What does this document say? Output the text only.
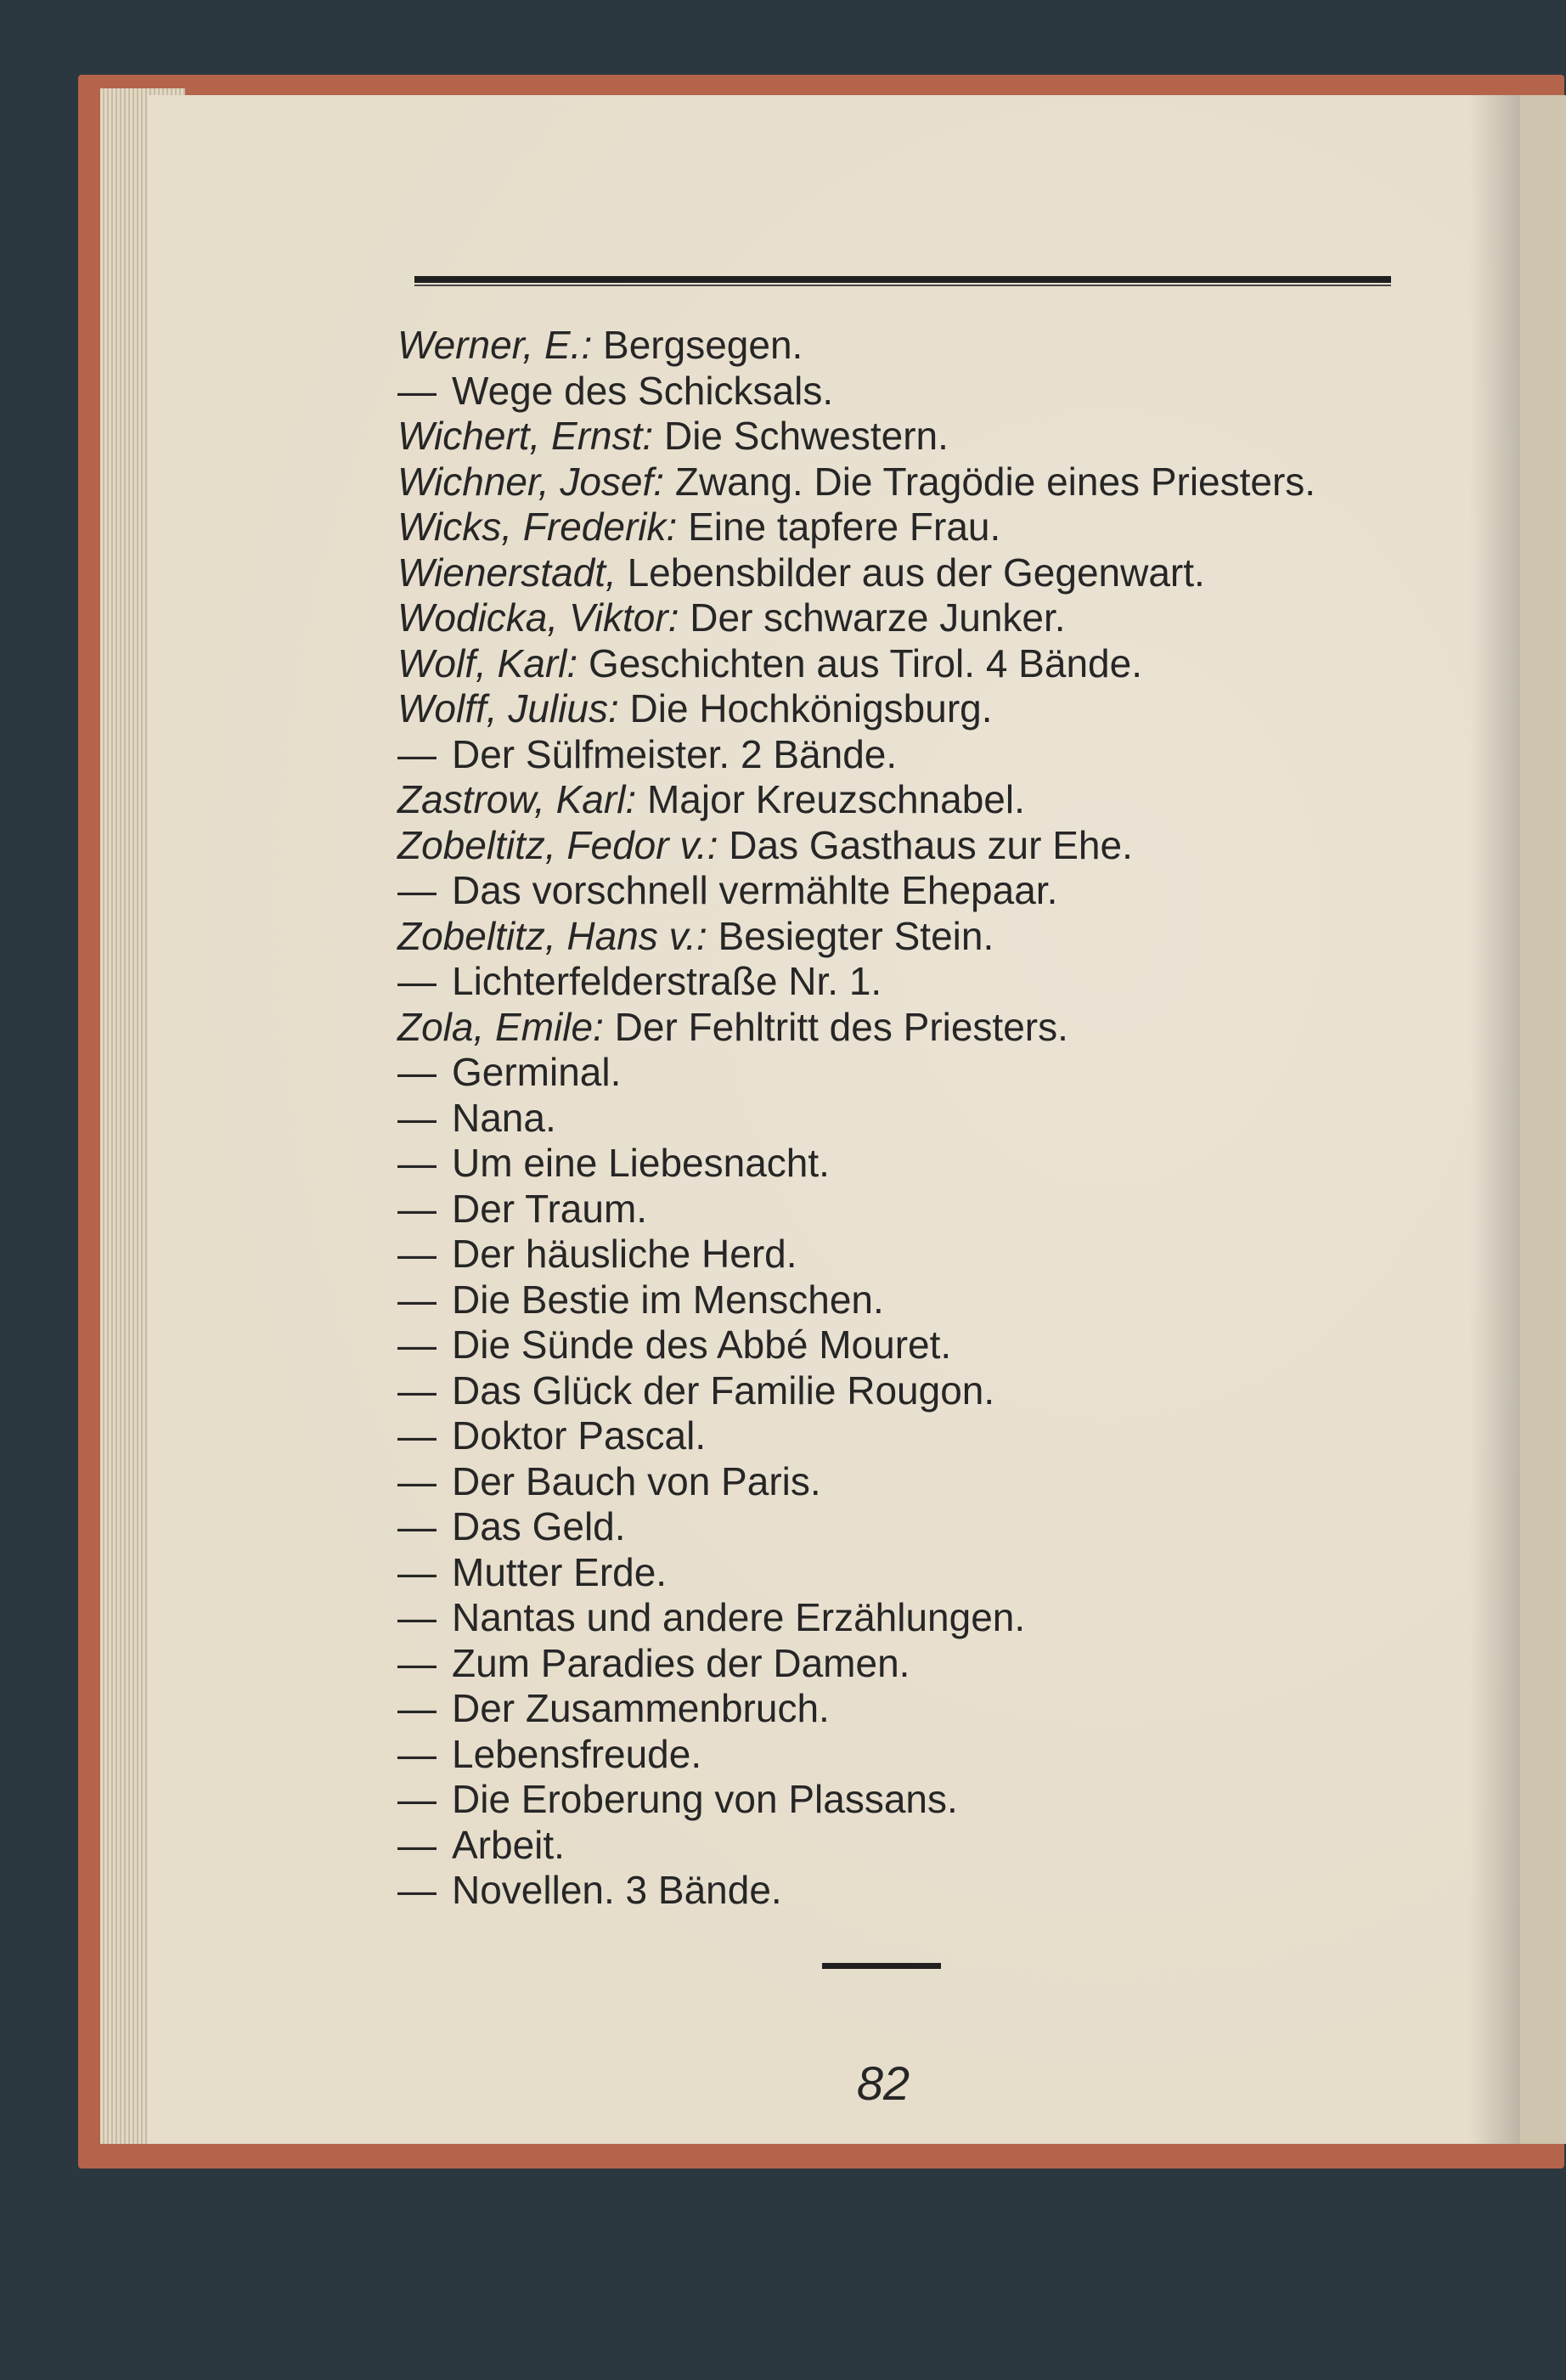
Werner, E.: Bergsegen.
— Wege des Schicksals.
Wichert, Ernst: Die Schwestern.
Wichner, Josef: Zwang. Die Tragödie eines Priesters.
Wicks, Frederik: Eine tapfere Frau.
Wienerstadt, Lebensbilder aus der Gegenwart.
Wodicka, Viktor: Der schwarze Junker.
Wolf, Karl: Geschichten aus Tirol. 4 Bände.
Wolff, Julius: Die Hochkönigsburg.
— Der Sülfmeister. 2 Bände.
Zastrow, Karl: Major Kreuzschnabel.
Zobeltitz, Fedor v.: Das Gasthaus zur Ehe.
— Das vorschnell vermählte Ehepaar.
Zobeltitz, Hans v.: Besiegter Stein.
— Lichterfelderstraße Nr. 1.
Zola, Emile: Der Fehltritt des Priesters.
— Germinal.
— Nana.
— Um eine Liebesnacht.
— Der Traum.
— Der häusliche Herd.
— Die Bestie im Menschen.
— Die Sünde des Abbé Mouret.
— Das Glück der Familie Rougon.
— Doktor Pascal.
— Der Bauch von Paris.
— Das Geld.
— Mutter Erde.
— Nantas und andere Erzählungen.
— Zum Paradies der Damen.
— Der Zusammenbruch.
— Lebensfreude.
— Die Eroberung von Plassans.
— Arbeit.
— Novellen. 3 Bände.
82
